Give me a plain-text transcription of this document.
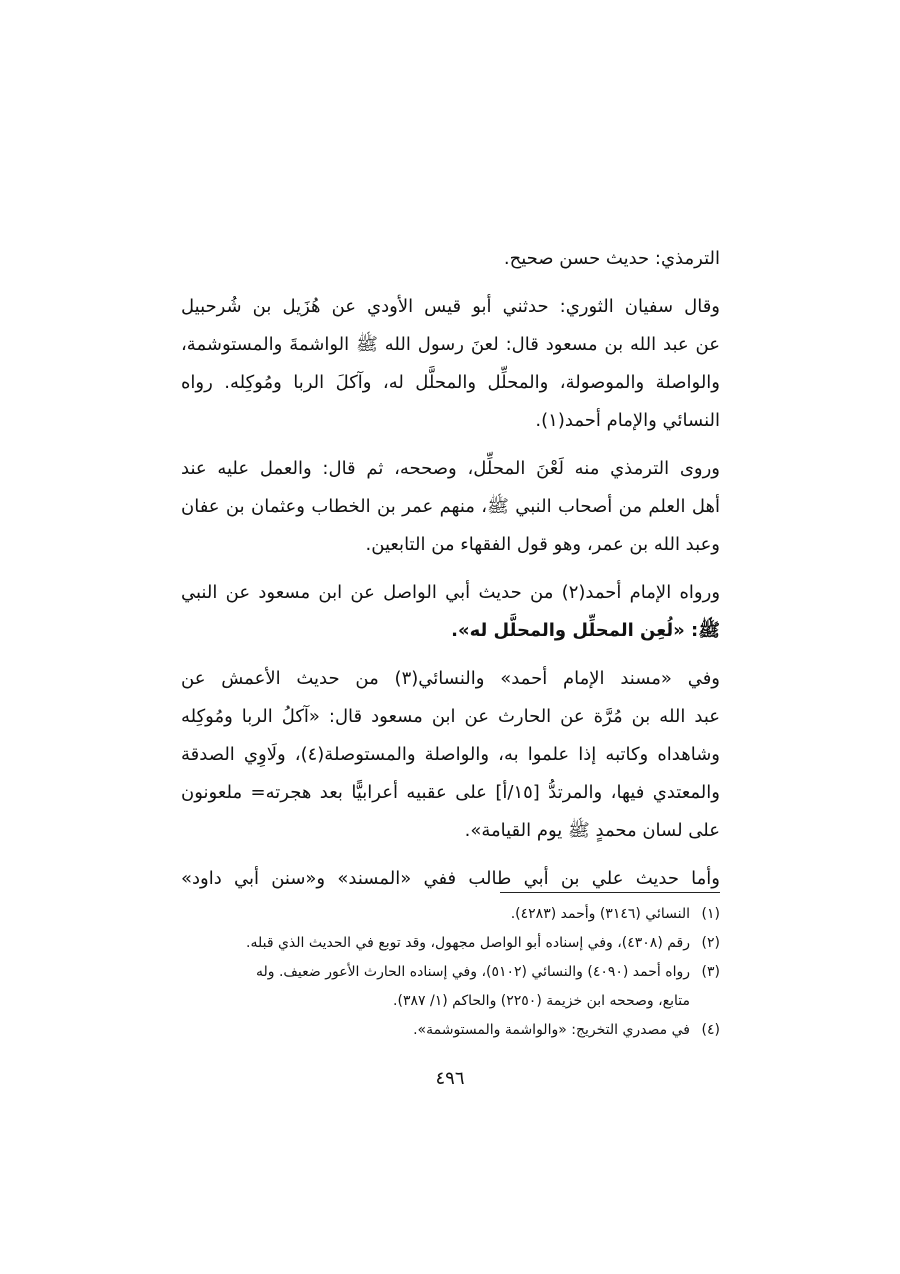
الترمذي: حديث حسن صحيح.
وقال سفيان الثوري: حدثني أبو قيس الأودي عن هُزَيل بن شُرحبيل
عن عبد الله بن مسعود قال: لعنَ رسول الله ﷺ الواشمةَ والمستوشمة،
والواصلة والموصولة، والمحلِّل والمحلَّل له، وآكلَ الربا ومُوكِله. رواه
النسائي والإمام أحمد(١).
وروى الترمذي منه لَعْنَ المحلِّل، وصححه، ثم قال: والعمل عليه عند
أهل العلم من أصحاب النبي ﷺ، منهم عمر بن الخطاب وعثمان بن عفان
وعبد الله بن عمر، وهو قول الفقهاء من التابعين.
ورواه الإمام أحمد(٢) من حديث أبي الواصل عن ابن مسعود عن النبي
ﷺ: «لُعِن المحلِّل والمحلَّل له».
وفي «مسند الإمام أحمد» والنسائي(٣) من حديث الأعمش عن
عبد الله بن مُرَّة عن الحارث عن ابن مسعود قال: «آكلُ الربا ومُوكِله
وشاهداه وكاتبه إذا علموا به، والواصلة والمستوصلة(٤)، ولَاوِي الصدقة
والمعتدي فيها، والمرتدُّ [١٥/أ] على عقبيه أعرابيًّا بعد هجرته= ملعونون
على لسان محمدٍ ﷺ يوم القيامة».
وأما حديث علي بن أبي طالب ففي «المسند» و«سنن أبي داود»
(١)النسائي (٣١٤٦) وأحمد (٤٢٨٣).
(٢)رقم (٤٣٠٨)، وفي إسناده أبو الواصل مجهول، وقد توبع في الحديث الذي قبله.
(٣)رواه أحمد (٤٠٩٠) والنسائي (٥١٠٢)، وفي إسناده الحارث الأعور ضعيف. وله
متابع، وصححه ابن خزيمة (٢٢٥٠) والحاكم (١/ ٣٨٧).
(٤)في مصدري التخريج: «والواشمة والمستوشمة».
٤٩٦
